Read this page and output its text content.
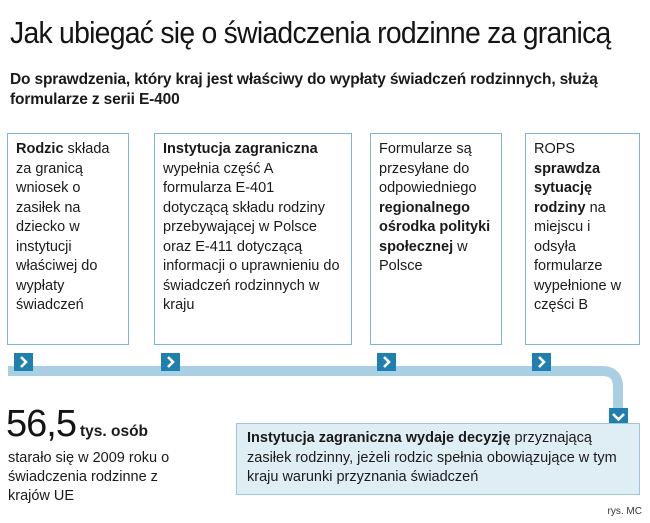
Jak ubiegać się o świadczenia rodzinne za granicą
Do sprawdzenia, który kraj jest właściwy do wypłaty świadczeń rodzinnych, służą formularze z serii E-400
Rodzic składa za granicą wniosek o zasiłek na dziecko w instytucji właściwej do wypłaty świadczeń
Instytucja zagraniczna wypełnia część A formularza E-401 dotyczącą składu rodziny przebywającej w Polsce oraz E-411 dotyczącą informacji o uprawnieniu do świadczeń rodzinnych w kraju
Formularze są przesyłane do odpowiedniego regionalnego ośrodka polityki społecznej w Polsce
ROPS sprawdza sytuację rodziny na miejscu i odsyła formularze wypełnione w części B
56,5 tys. osób
starało się w 2009 roku o świadczenia rodzinne z krajów UE
Instytucja zagraniczna wydaje decyzję przyznającą zasiłek rodzinny, jeżeli rodzic spełnia obowiązujące w tym kraju warunki przyznania świadczeń
rys. MC
